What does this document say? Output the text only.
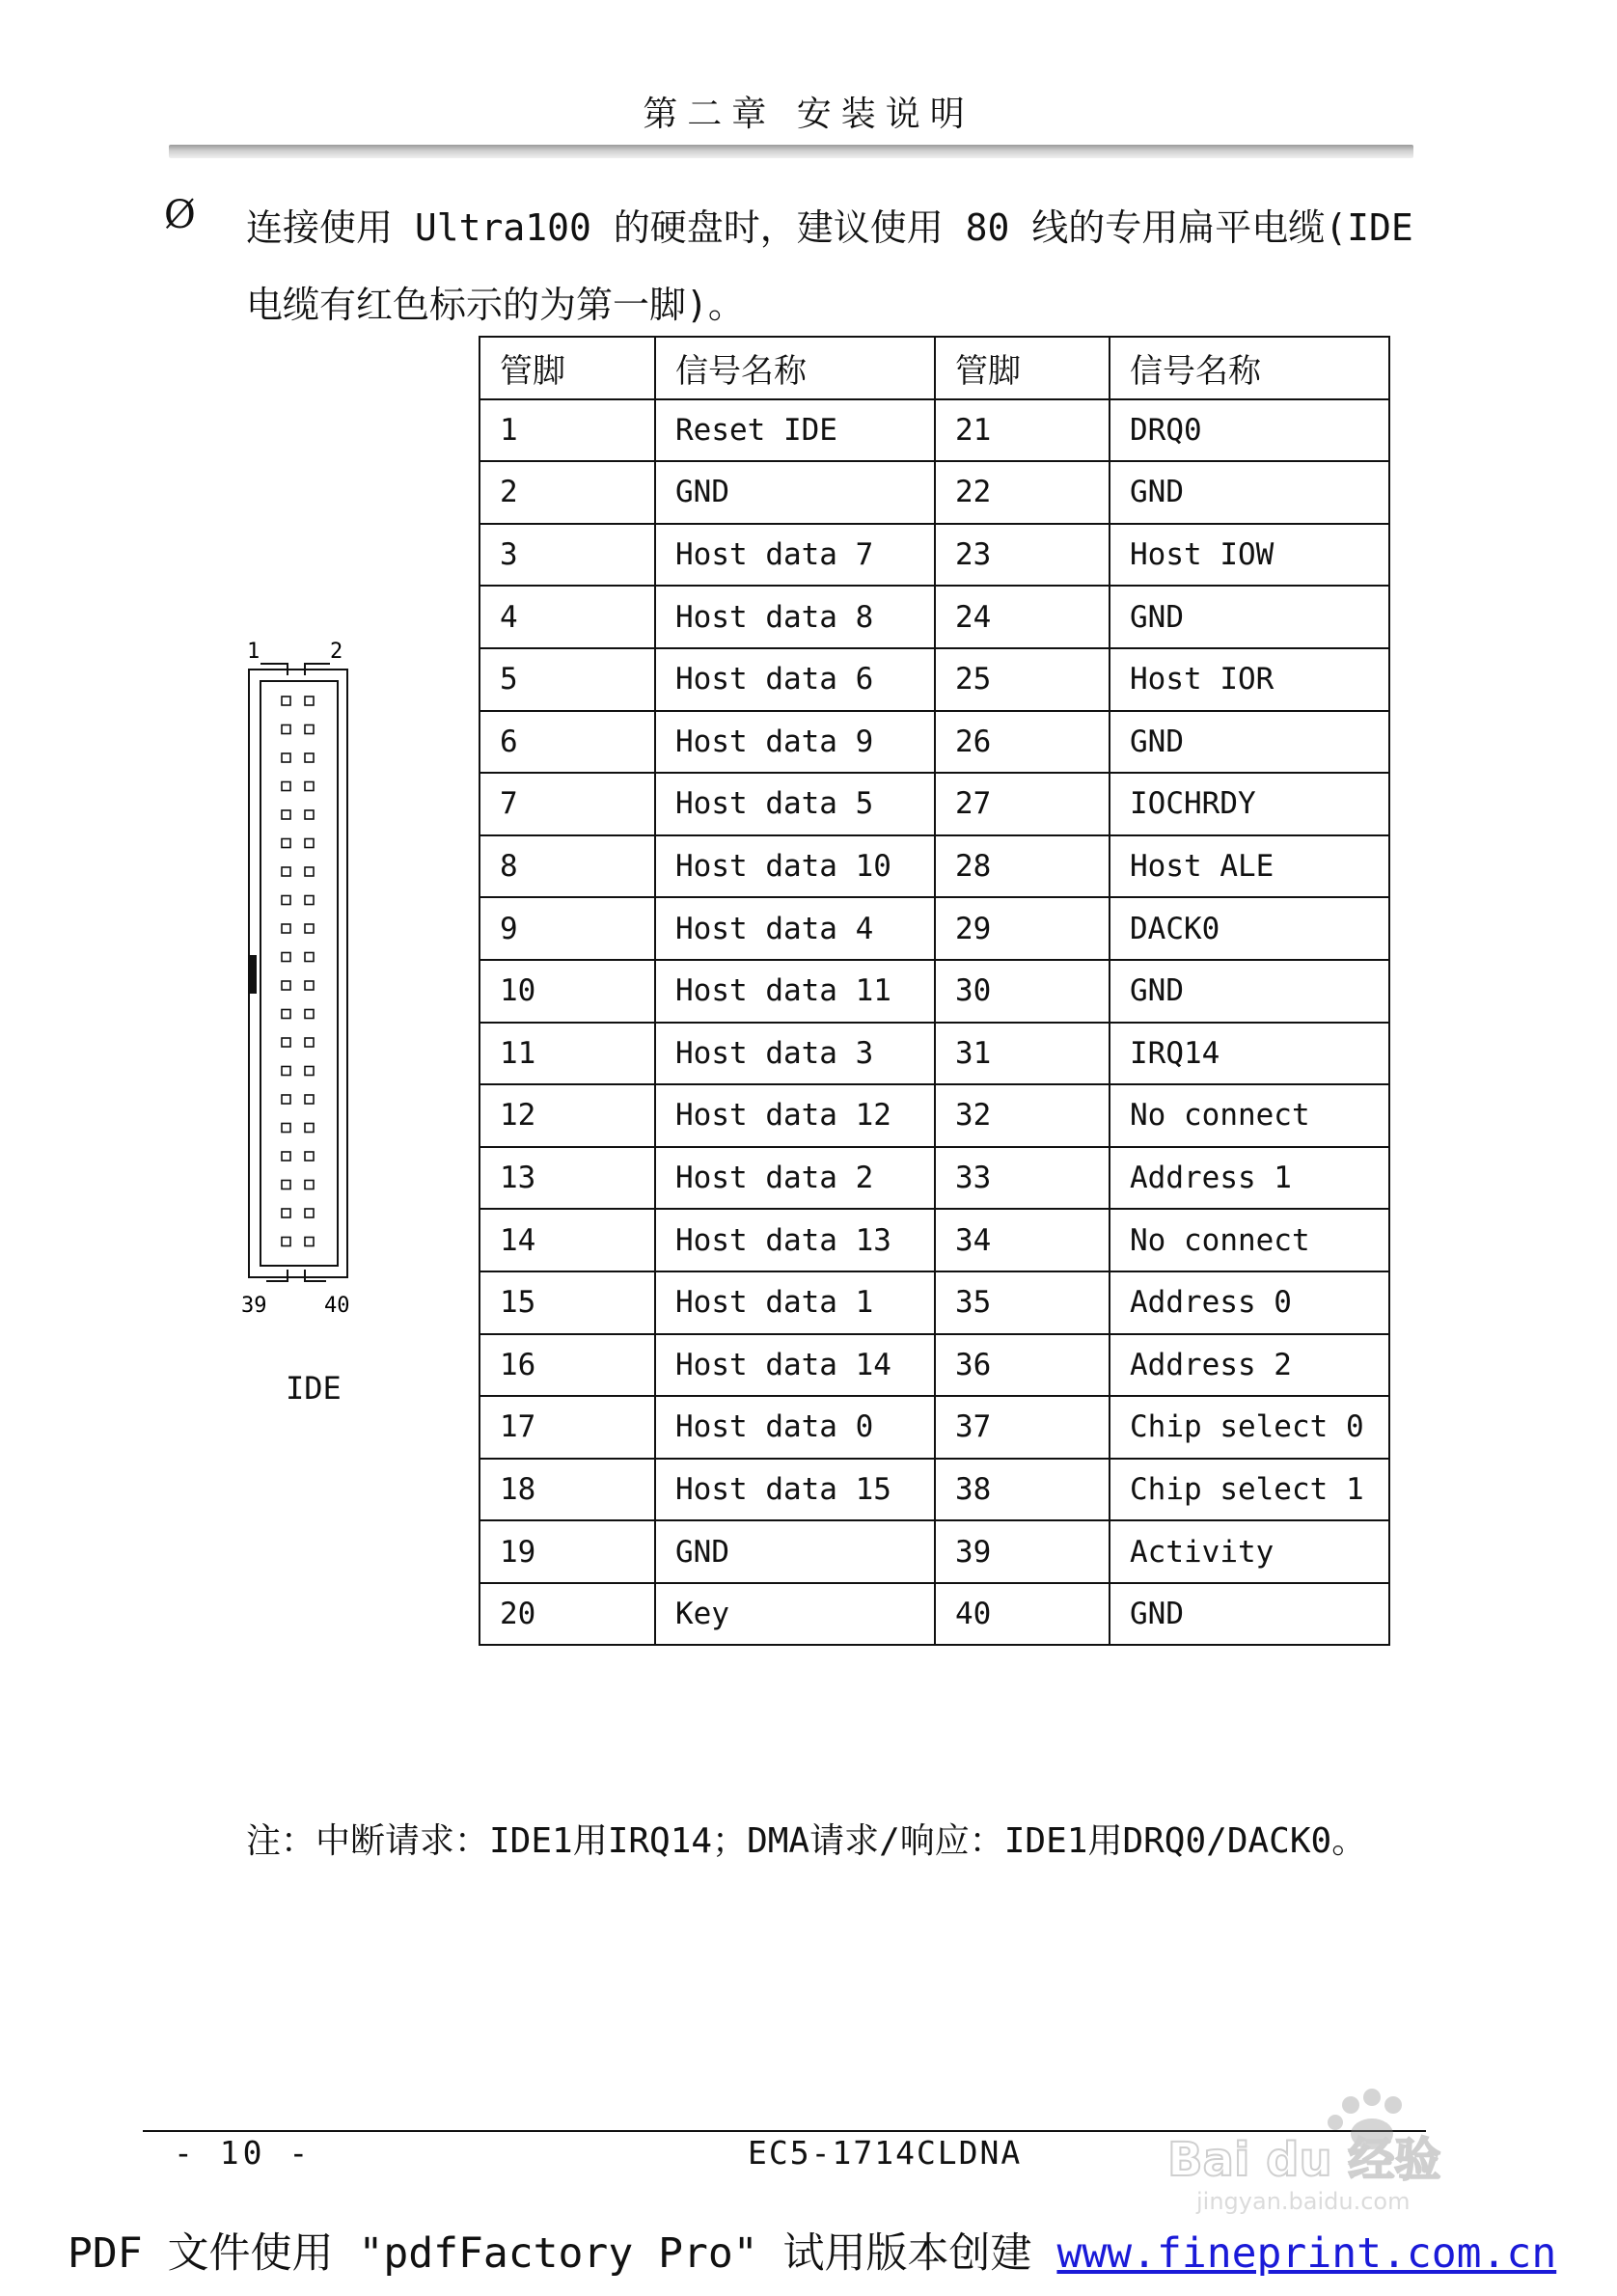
第二章 安装说明
Ø 连接使用 Ultra100 的硬盘时，建议使用 80 线的专用扁平电缆(IDE
电缆有红色标示的为第一脚)。
1	2
39	40
IDE
管脚	信号名称	管脚	信号名称
1	Reset IDE	21	DRQ0
2	GND	22	GND
3	Host data 7	23	Host IOW
4	Host data 8	24	GND
5	Host data 6	25	Host IOR
6	Host data 9	26	GND
7	Host data 5	27	IOCHRDY
8	Host data 10	28	Host ALE
9	Host data 4	29	DACK0
10	Host data 11	30	GND
11	Host data 3	31	IRQ14
12	Host data 12	32	No connect
13	Host data 2	33	Address 1
14	Host data 13	34	No connect
15	Host data 1	35	Address 0
16	Host data 14	36	Address 2
17	Host data 0	37	Chip select 0
18	Host data 15	38	Chip select 1
19	GND	39	Activity
20	Key	40	GND
注：中断请求：IDE1用IRQ14；DMA请求/响应：IDE1用DRQ0/DACK0。
- 10 -	EC5-1714CLDNA	Bai du 经验
jingyan.baidu.com
PDF 文件使用 "pdfFactory Pro" 试用版本创建 www.fineprint.com.cn
